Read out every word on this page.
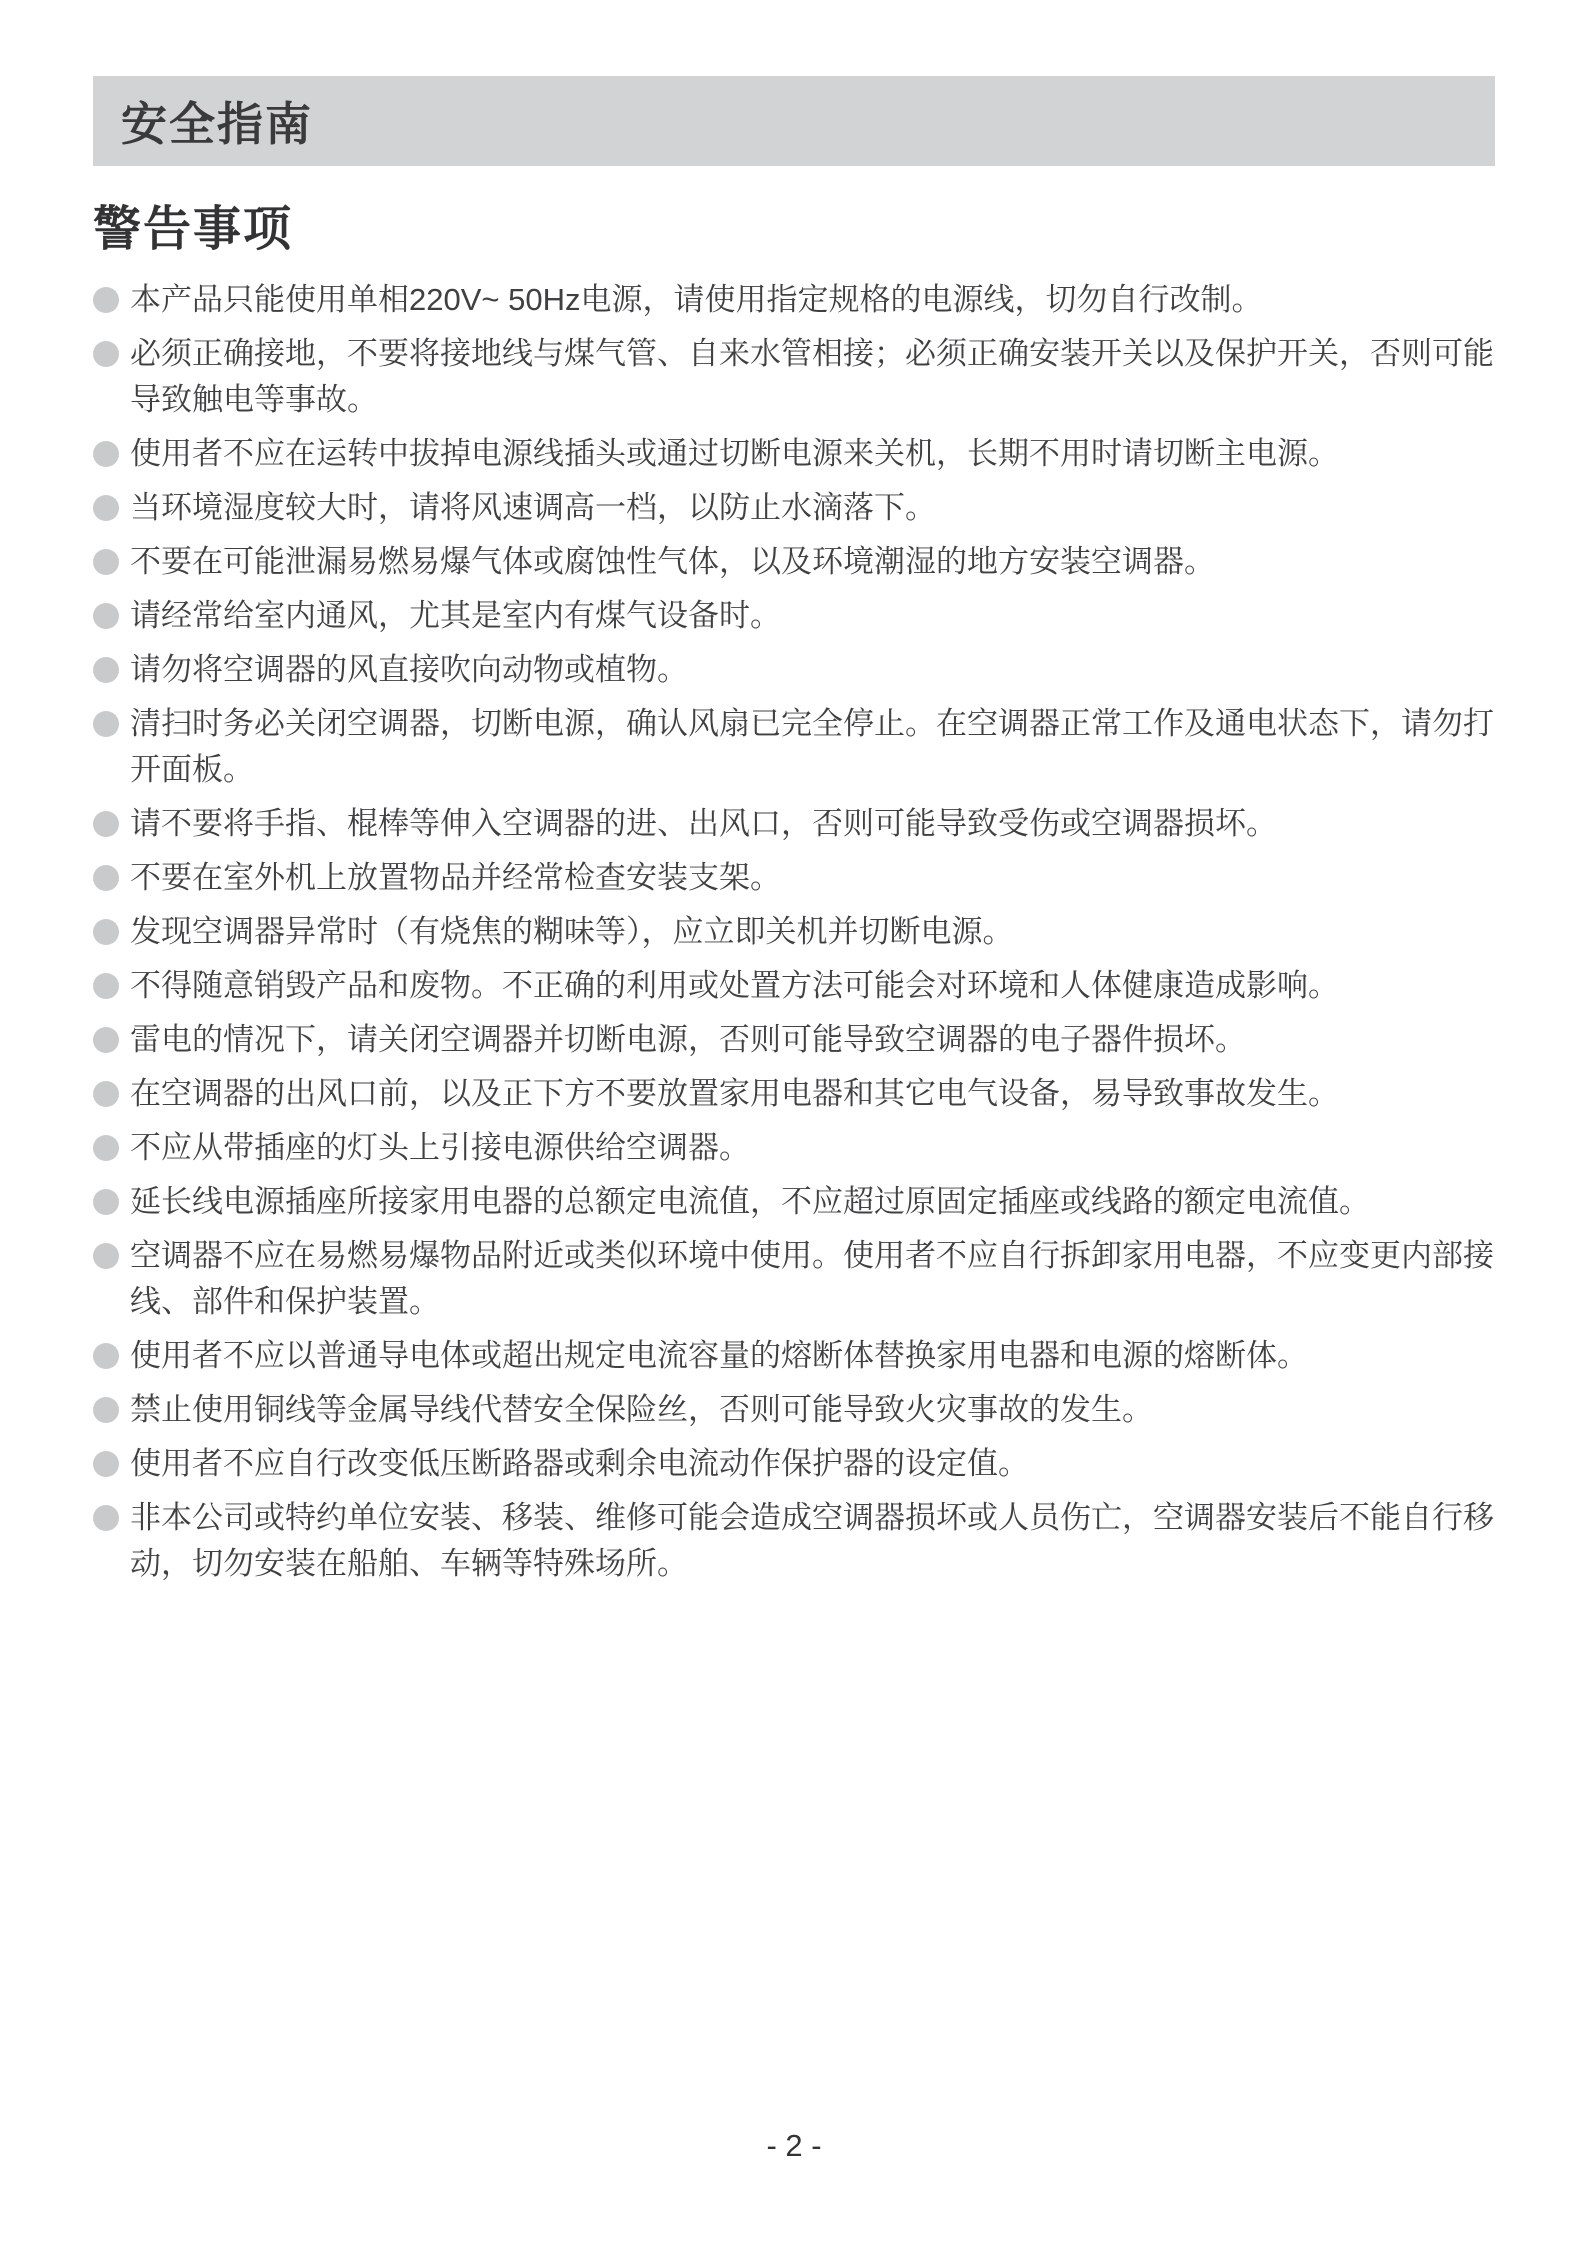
安全指南
警告事项
本产品只能使用单相220V~ 50Hz电源，请使用指定规格的电源线，切勿自行改制。
必须正确接地，不要将接地线与煤气管、自来水管相接；必须正确安装开关以及保护开关，否则可能导致触电等事故。
使用者不应在运转中拔掉电源线插头或通过切断电源来关机，长期不用时请切断主电源。
当环境湿度较大时，请将风速调高一档，以防止水滴落下。
不要在可能泄漏易燃易爆气体或腐蚀性气体，以及环境潮湿的地方安装空调器。
请经常给室内通风，尤其是室内有煤气设备时。
请勿将空调器的风直接吹向动物或植物。
清扫时务必关闭空调器，切断电源，确认风扇已完全停止。在空调器正常工作及通电状态下，请勿打开面板。
请不要将手指、棍棒等伸入空调器的进、出风口，否则可能导致受伤或空调器损坏。
不要在室外机上放置物品并经常检查安装支架。
发现空调器异常时（有烧焦的糊味等），应立即关机并切断电源。
不得随意销毁产品和废物。不正确的利用或处置方法可能会对环境和人体健康造成影响。
雷电的情况下，请关闭空调器并切断电源，否则可能导致空调器的电子器件损坏。
在空调器的出风口前，以及正下方不要放置家用电器和其它电气设备，易导致事故发生。
不应从带插座的灯头上引接电源供给空调器。
延长线电源插座所接家用电器的总额定电流值，不应超过原固定插座或线路的额定电流值。
空调器不应在易燃易爆物品附近或类似环境中使用。使用者不应自行拆卸家用电器，不应变更内部接线、部件和保护装置。
使用者不应以普通导电体或超出规定电流容量的熔断体替换家用电器和电源的熔断体。
禁止使用铜线等金属导线代替安全保险丝，否则可能导致火灾事故的发生。
使用者不应自行改变低压断路器或剩余电流动作保护器的设定值。
非本公司或特约单位安装、移装、维修可能会造成空调器损坏或人员伤亡，空调器安装后不能自行移动，切勿安装在船舶、车辆等特殊场所。
- 2 -
